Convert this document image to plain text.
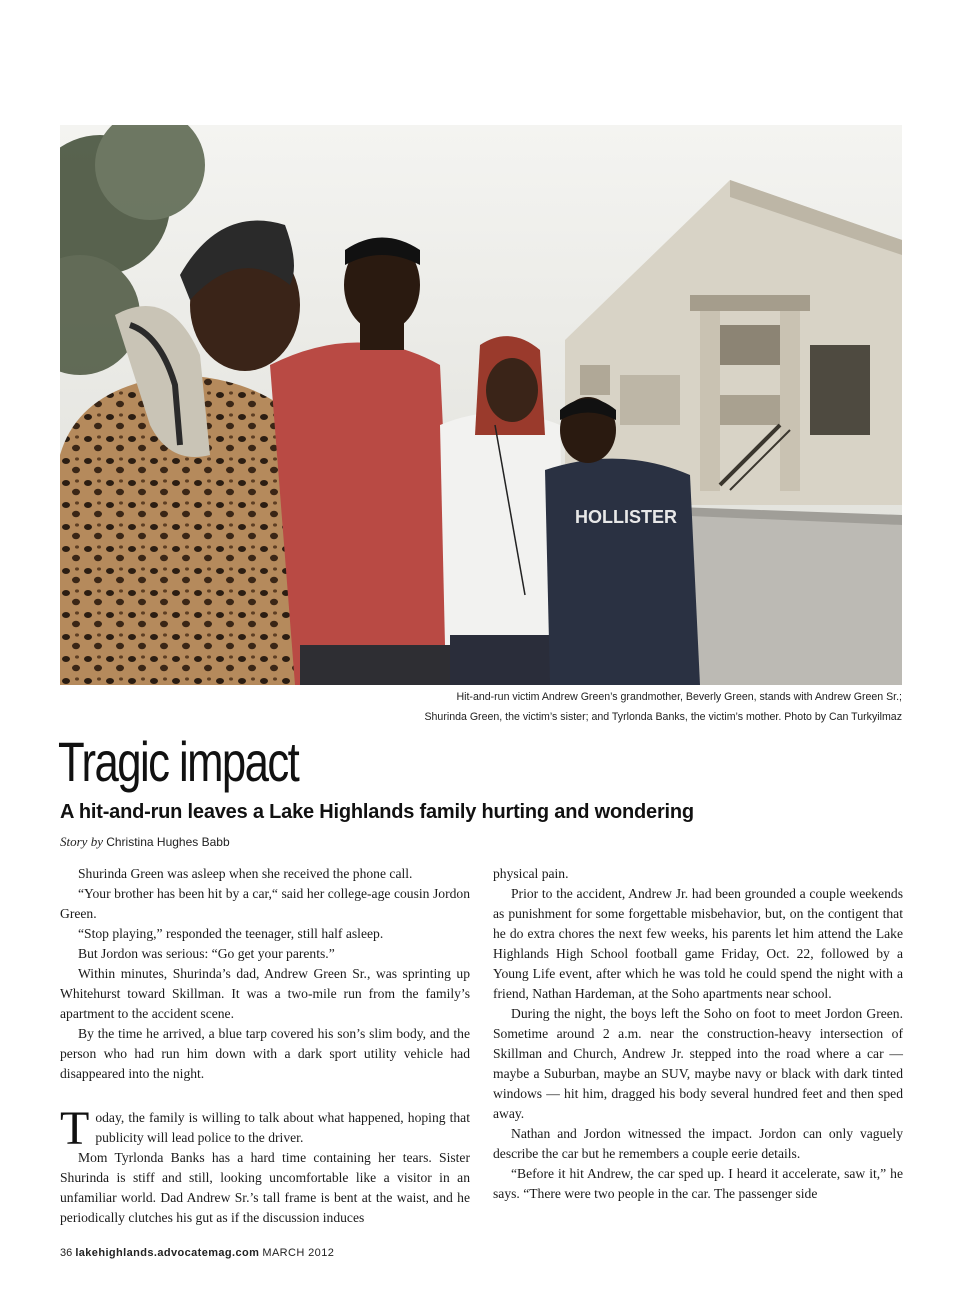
HOLLISTER
Hit-and-run victim Andrew Green’s grandmother, Beverly Green, stands with Andrew Green Sr.;
Shurinda Green, the victim’s sister; and Tyrlonda Banks, the victim’s mother. Photo by Can Turkyilmaz
Tragic impact
A hit-and-run leaves a Lake Highlands family hurting and wondering
Story by Christina Hughes Babb

Shurinda Green was asleep when she received the phone call.

“Your brother has been hit by a car,“ said her college-age cousin Jordon Green.

“Stop playing,” responded the teenager, still half asleep.

But Jordon was serious: “Go get your parents.”

Within minutes, Shurinda’s dad, Andrew Green Sr., was sprinting up Whitehurst toward Skillman. It was a two-mile run from the family’s apartment to the accident scene.

By the time he arrived, a blue tarp covered his son’s slim body, and the person who had run him down with a dark sport utility vehicle had disappeared into the night.

Today, the family is willing to talk about what happened, hoping that publicity will lead police to the driver.

Mom Tyrlonda Banks has a hard time containing her tears. Sister Shurinda is stiff and still, looking uncomfortable like a visitor in an unfamiliar world. Dad Andrew Sr.’s tall frame is bent at the waist, and he periodically clutches his gut as if the discussion induces

physical pain.

Prior to the accident, Andrew Jr. had been grounded a couple weekends as punishment for some forgettable misbehavior, but, on the contigent that he do extra chores the next few weeks, his parents let him attend the Lake Highlands High School football game Friday, Oct. 22, followed by a Young Life event, after which he was told he could spend the night with a friend, Nathan Hardeman, at the Soho apartments near school.

During the night, the boys left the Soho on foot to meet Jordon Green. Sometime around 2 a.m. near the construction-heavy intersection of Skillman and Church, Andrew Jr. stepped into the road where a car — maybe a Suburban, maybe an SUV, maybe navy or black with dark tinted windows — hit him, dragged his body several hundred feet and then sped away.

Nathan and Jordon witnessed the impact. Jordon can only vaguely describe the car but he remembers a couple eerie details.

“Before it hit Andrew, the car sped up. I heard it accelerate, saw it,” he says. “There were two people in the car. The passenger side

36 lakehighlands.advocatemag.com MARCH 2012
